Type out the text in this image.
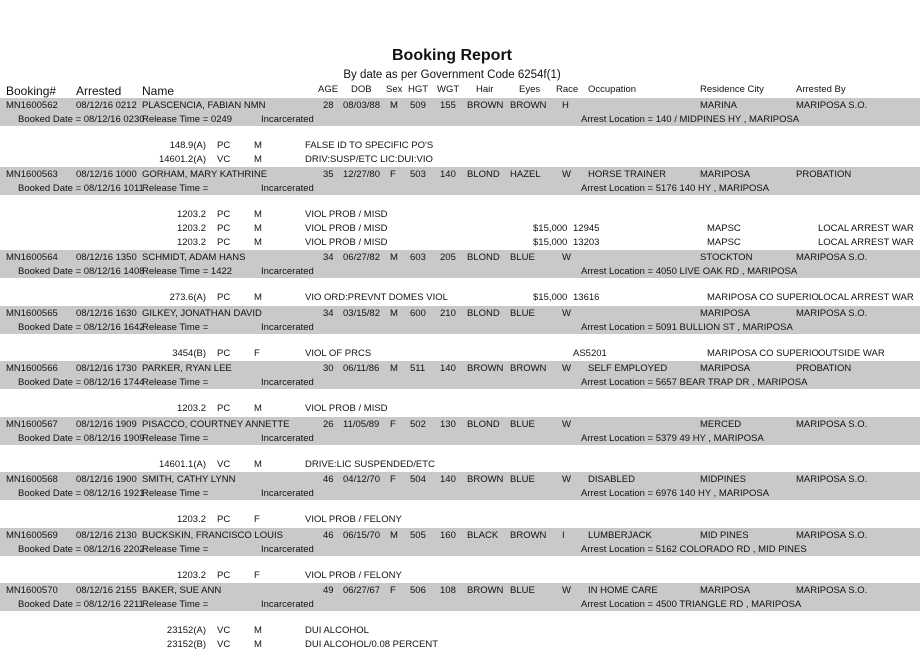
Booking Report
By date as per Government Code 6254f(1)
Booking# Arrested Name	AGE DOB Sex HGT WGT Hair	Eyes Race Occupation	Residence City	Arrested By
MN1600562 08/12/16 0212 PLASCENCIA, FABIAN NMN	28 08/03/88 M 509 155 BROWN BROWN H	MARINA	MARIPOSA S.O.
Booked Date = 08/12/16 0230
Release Time = 0249	Incarcerated	Arrest Location = 140 / MIDPINES HY , MARIPOSA
148.9(A) PC	M	FALSE ID TO SPECIFIC PO'S
14601.2(A) VC	M	DRIV:SUSP/ETC LIC:DUI:VIO
MN1600563 08/12/16 1000 GORHAM, MARY KATHRINE	35 12/27/80 F 503 140 BLOND HAZEL W HORSE TRAINER	MARIPOSA	PROBATION
Booked Date = 08/12/16 1011
Release Time =	Incarcerated	Arrest Location = 5176 140 HY , MARIPOSA
1203.2 PC	M	VIOL PROB / MISD
1203.2 PC	M	VIOL PROB / MISD	$15,000 12945	MAPSC	LOCAL ARREST WAR
1203.2 PC	M	VIOL PROB / MISD	$15,000 13203	MAPSC	LOCAL ARREST WAR
MN1600564 08/12/16 1350 SCHMIDT, ADAM HANS	34 06/27/82 M 603 205 BLOND BLUE	W	STOCKTON	MARIPOSA S.O.
Booked Date = 08/12/16 1408
Release Time = 1422	Incarcerated	Arrest Location = 4050 LIVE OAK RD , MARIPOSA
273.6(A) PC	M	VIO ORD:PREVNT DOMES VIOL	$15,000 13616	MARIPOSA CO SUPERIO LOCAL ARREST WAR
MN1600565 08/12/16 1630 GILKEY, JONATHAN DAVID	34 03/15/82 M 600 210 BLOND BLUE	W	MARIPOSA	MARIPOSA S.O.
Booked Date = 08/12/16 1642
Release Time =	Incarcerated	Arrest Location = 5091 BULLION ST , MARIPOSA
3454(B) PC	F	VIOL OF PRCS	AS5201	MARIPOSA CO SUPERIO OUTSIDE WAR
MN1600566 08/12/16 1730 PARKER, RYAN LEE	30 06/11/86 M 511 140 BROWN BROWN W SELF EMPLOYED	MARIPOSA	PROBATION
Booked Date = 08/12/16 1744
Release Time =	Incarcerated	Arrest Location = 5657 BEAR TRAP DR , MARIPOSA
1203.2 PC	M	VIOL PROB / MISD
MN1600567 08/12/16 1909 PISACCO, COURTNEY ANNETTE	26 11/05/89 F 502 130 BLOND BLUE	W	MERCED	MARIPOSA S.O.
Booked Date = 08/12/16 1909
Release Time =	Incarcerated	Arrest Location = 5379 49 HY , MARIPOSA
14601.1(A) VC	M	DRIVE:LIC SUSPENDED/ETC
MN1600568 08/12/16 1900 SMITH, CATHY LYNN	46 04/12/70 F 504 140 BROWN BLUE	W DISABLED	MIDPINES	MARIPOSA S.O.
Booked Date = 08/12/16 1921
Release Time =	Incarcerated	Arrest Location = 6976 140 HY , MARIPOSA
1203.2 PC	F	VIOL PROB / FELONY
MN1600569 08/12/16 2130 BUCKSKIN, FRANCISCO LOUIS	46 06/15/70 M 505 160 BLACK BROWN I LUMBERJACK	MID PINES	MARIPOSA S.O.
Booked Date = 08/12/16 2202
Release Time =	Incarcerated	Arrest Location = 5162 COLORADO RD , MID PINES
1203.2 PC	F	VIOL PROB / FELONY
MN1600570 08/12/16 2155 BAKER, SUE ANN	49 06/27/67 F 506 108 BROWN BLUE	W IN HOME CARE	MARIPOSA	MARIPOSA S.O.
Booked Date = 08/12/16 2211
Release Time =	Incarcerated	Arrest Location = 4500 TRIANGLE RD , MARIPOSA
23152(A) VC	M	DUI ALCOHOL
23152(B) VC	M	DUI ALCOHOL/0.08 PERCENT
